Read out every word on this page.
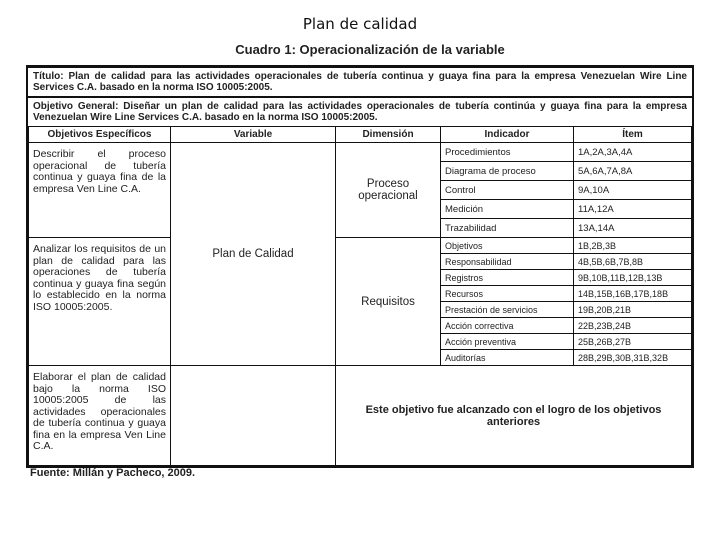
Plan de calidad
Cuadro 1: Operacionalización de la variable
Título: Plan de calidad para las actividades operacionales de tubería continua y guaya fina para la empresa Venezuelan Wire Line Services C.A. basado en la norma ISO 10005:2005.
Objetivo General: Diseñar un plan de calidad para las actividades operacionales de tubería continúa y guaya fina para la empresa Venezuelan Wire Line Services C.A. basado en la norma ISO 10005:2005.
Objetivos Específicos	Variable	Dimensión	Indicador	Ítem
Describir el proceso operacional de tubería continua y guaya fina de la empresa Ven Line C.A.	Plan de Calidad	Proceso operacional	Procedimientos	1A,2A,3A,4A
			Diagrama de proceso	5A,6A,7A,8A
			Control	9A,10A
			Medición	11A,12A
			Trazabilidad	13A,14A
Analizar los requisitos de un plan de calidad para las operaciones de tubería continua y guaya fina según lo establecido en la norma ISO 10005:2005.		Requisitos	Objetivos	1B,2B,3B
			Responsabilidad	4B,5B,6B,7B,8B
			Registros	9B,10B,11B,12B,13B
			Recursos	14B,15B,16B,17B,18B
			Prestación de servicios	19B,20B,21B
			Acción correctiva	22B,23B,24B
			Acción preventiva	25B,26B,27B
			Auditorías	28B,29B,30B,31B,32B
Elaborar el plan de calidad bajo la norma ISO 10005:2005 de las actividades operacionales de tubería continua y guaya fina en la empresa Ven Line C.A.		Este objetivo fue alcanzado con el logro de los objetivos anteriores		
Fuente: Millán y Pacheco, 2009.
